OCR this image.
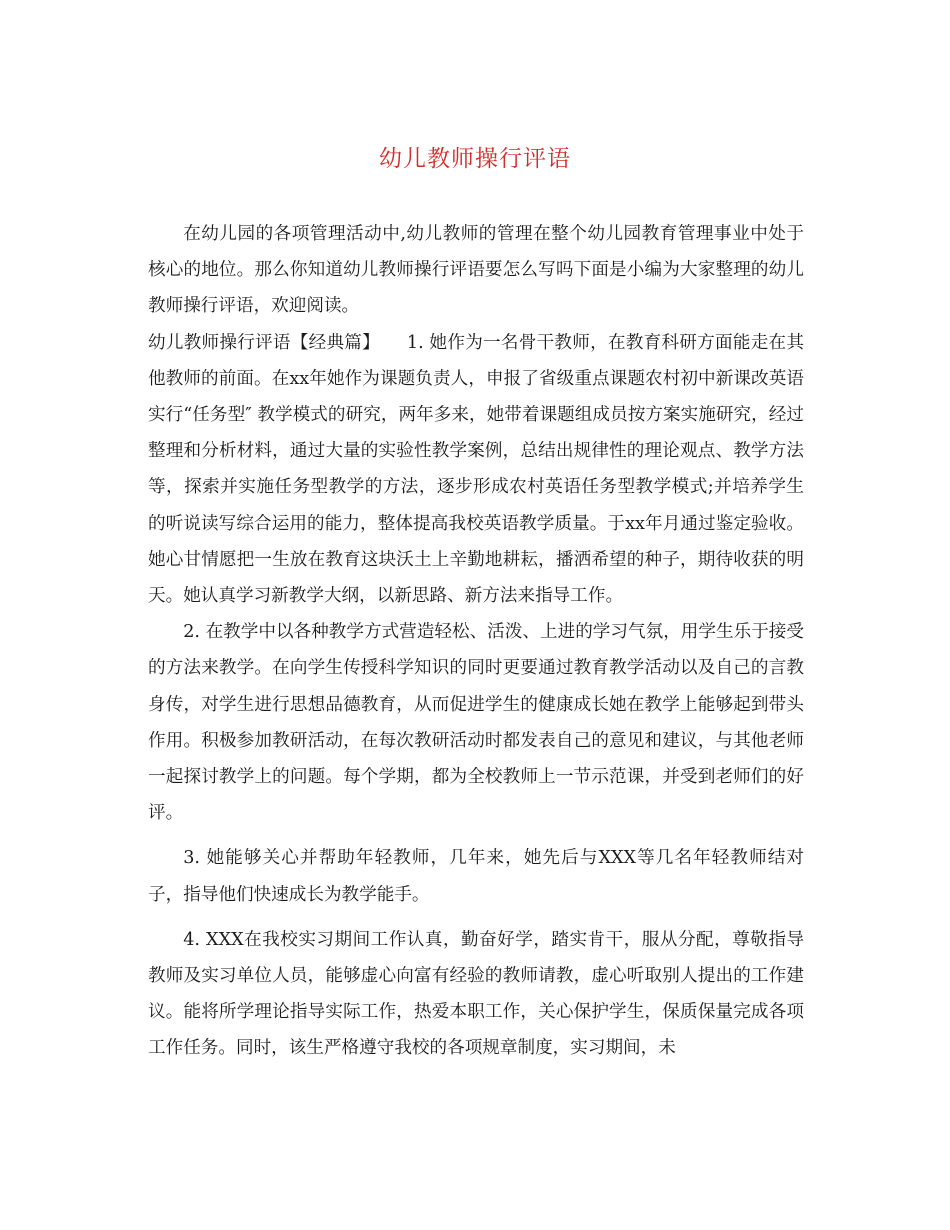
幼儿教师操行评语

在幼儿园的各项管理活动中,幼儿教师的管理在整个幼儿园教育管理事业中处于核心的地位。那么你知道幼儿教师操行评语要怎么写吗下面是小编为大家整理的幼儿教师操行评语，欢迎阅读。

幼儿教师操行评语【经典篇】　　1. 她作为一名骨干教师，在教育科研方面能走在其他教师的前面。在xx年她作为课题负责人，申报了省级重点课题农村初中新课改英语实行“任务型″ 教学模式的研究，两年多来，她带着课题组成员按方案实施研究，经过整理和分析材料，通过大量的实验性教学案例，总结出规律性的理论观点、教学方法等，探索并实施任务型教学的方法，逐步形成农村英语任务型教学模式;并培养学生的听说读写综合运用的能力，整体提高我校英语教学质量。于xx年月通过鉴定验收。她心甘情愿把一生放在教育这块沃土上辛勤地耕耘，播洒希望的种子，期待收获的明天。她认真学习新教学大纲，以新思路、新方法来指导工作。

2. 在教学中以各种教学方式营造轻松、活泼、上进的学习气氛，用学生乐于接受的方法来教学。在向学生传授科学知识的同时更要通过教育教学活动以及自己的言教身传，对学生进行思想品德教育，从而促进学生的健康成长她在教学上能够起到带头作用。积极参加教研活动，在每次教研活动时都发表自己的意见和建议，与其他老师一起探讨教学上的问题。每个学期，都为全校教师上一节示范课，并受到老师们的好评。

3. 她能够关心并帮助年轻教师，几年来，她先后与XXX等几名年轻教师结对子，指导他们快速成长为教学能手。

4. XXX在我校实习期间工作认真，勤奋好学，踏实肯干，服从分配，尊敬指导教师及实习单位人员，能够虚心向富有经验的教师请教，虚心听取别人提出的工作建议。能将所学理论指导实际工作，热爱本职工作，关心保护学生，保质保量完成各项工作任务。同时，该生严格遵守我校的各项规章制度，实习期间，未
